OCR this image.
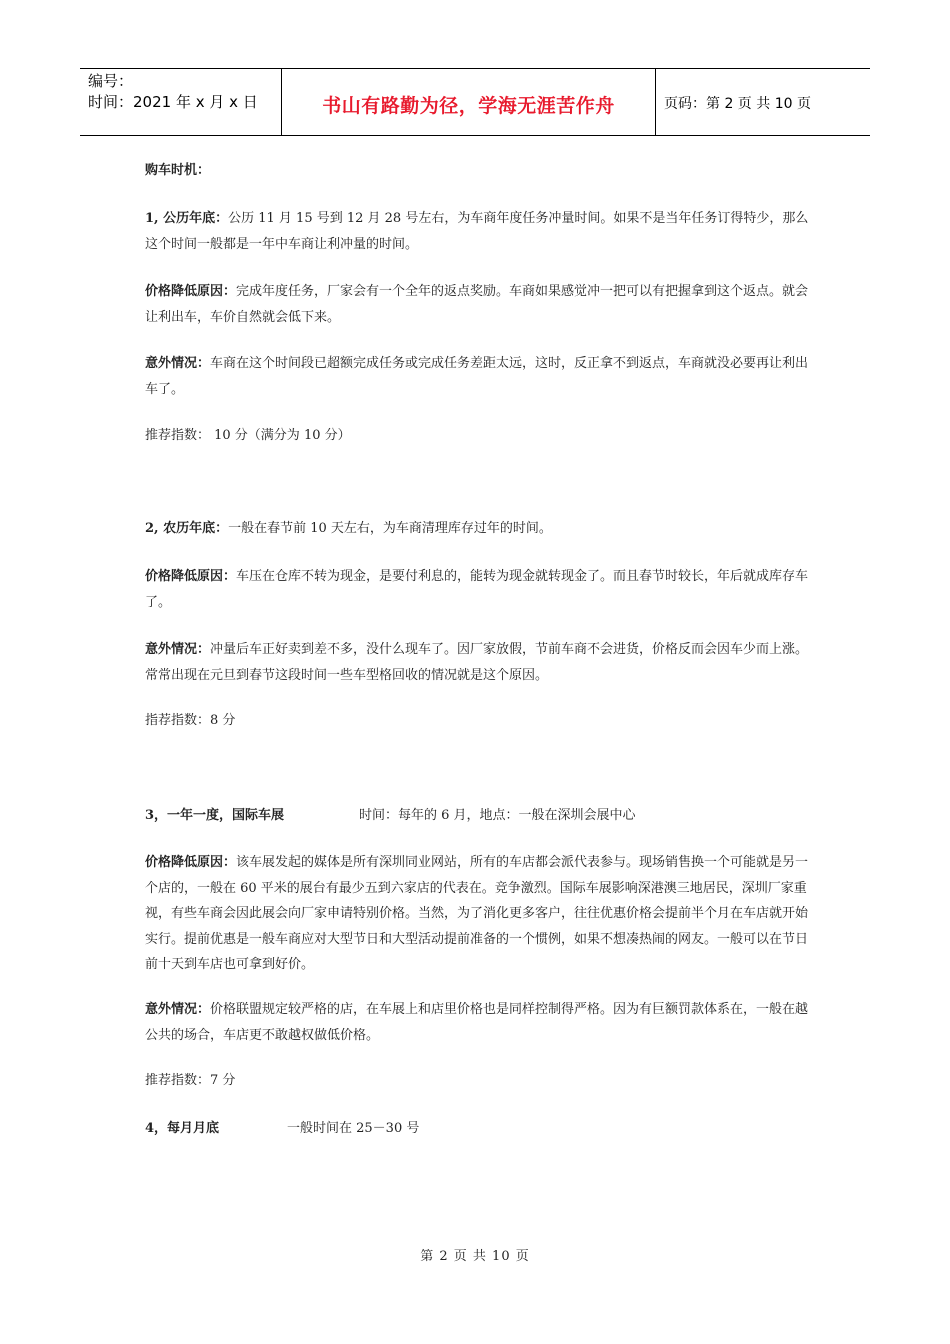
编号：
时间：2021 年 x 月 x 日	书山有路勤为径，学海无涯苦作舟	页码：第 2 页 共 10 页

购车时机：

1, 公历年底：公历 11 月 15 号到 12 月 28 号左右，为车商年度任务冲量时间。如果不是当年任务订得特少，那么这个时间一般都是一年中车商让利冲量的时间。

价格降低原因：完成年度任务，厂家会有一个全年的返点奖励。车商如果感觉冲一把可以有把握拿到这个返点。就会让利出车，车价自然就会低下来。

意外情况：车商在这个时间段已超额完成任务或完成任务差距太远，这时，反正拿不到返点，车商就没必要再让利出车了。

推荐指数： 10 分（满分为 10 分）

2, 农历年底：一般在春节前 10 天左右，为车商清理库存过年的时间。

价格降低原因：车压在仓库不转为现金，是要付利息的，能转为现金就转现金了。而且春节时较长，年后就成库存车了。

意外情况：冲量后车正好卖到差不多，没什么现车了。因厂家放假，节前车商不会进货，价格反而会因车少而上涨。常常出现在元旦到春节这段时间一些车型格回收的情况就是这个原因。

指荐指数：8 分

3，一年一度，国际车展	时间：每年的 6 月，地点：一般在深圳会展中心

价格降低原因：该车展发起的媒体是所有深圳同业网站，所有的车店都会派代表参与。现场销售换一个可能就是另一个店的，一般在 60 平米的展台有最少五到六家店的代表在。竞争激烈。国际车展影响深港澳三地居民，深圳厂家重视，有些车商会因此展会向厂家申请特别价格。当然，为了消化更多客户，往往优惠价格会提前半个月在车店就开始实行。提前优惠是一般车商应对大型节日和大型活动提前准备的一个惯例，如果不想凑热闹的网友。一般可以在节日前十天到车店也可拿到好价。

意外情况：价格联盟规定较严格的店，在车展上和店里价格也是同样控制得严格。因为有巨额罚款体系在，一般在越公共的场合，车店更不敢越权做低价格。

推荐指数：7 分

4，每月月底	一般时间在 25－30 号

第 2 页 共 10 页
